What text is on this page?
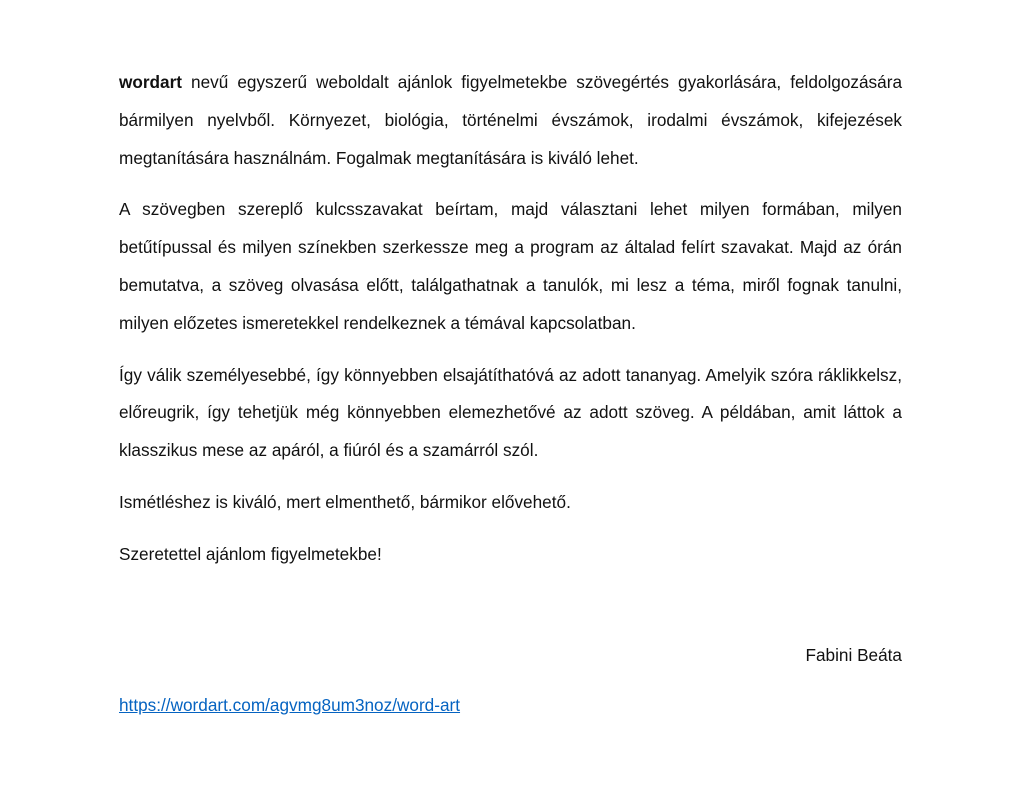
wordart nevű egyszerű weboldalt ajánlok figyelmetekbe szövegértés gyakorlására, feldolgozására bármilyen nyelvből. Környezet, biológia, történelmi évszámok, irodalmi évszámok, kifejezések megtanítására használnám. Fogalmak megtanítására is kiváló lehet.

A szövegben szereplő kulcsszavakat beírtam, majd választani lehet milyen formában, milyen betűtípussal és milyen színekben szerkessze meg a program az általad felírt szavakat. Majd az órán bemutatva, a szöveg olvasása előtt, találgathatnak a tanulók, mi lesz a téma, miről fognak tanulni, milyen előzetes ismeretekkel rendelkeznek a témával kapcsolatban.

Így válik személyesebbé, így könnyebben elsajátíthatóvá az adott tananyag. Amelyik szóra ráklikkelsz, előreugrik, így tehetjük még könnyebben elemezhetővé az adott szöveg. A példában, amit láttok a klasszikus mese az apáról, a fiúról és a szamárról szól.

Ismétléshez is kiváló, mert elmenthető, bármikor elővehető.

Szeretettel ajánlom figyelmetekbe!

Fabini Beáta
https://wordart.com/agvmg8um3noz/word-art
